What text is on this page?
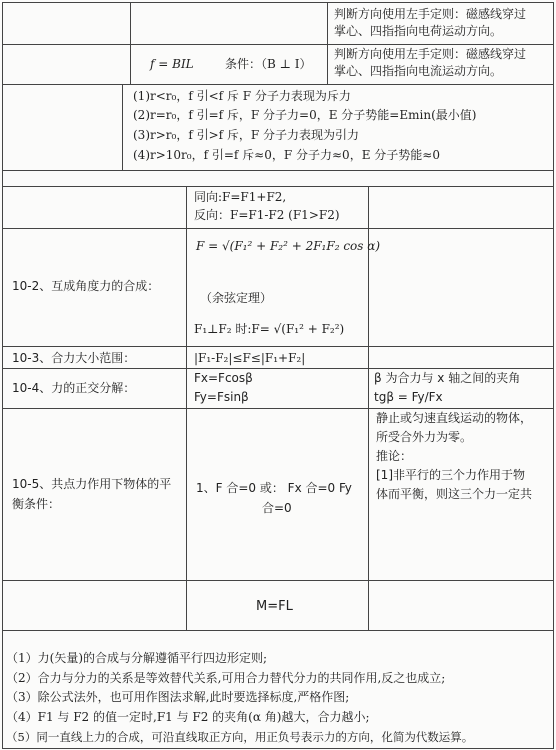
判断方向使用左手定则：磁感线穿过
掌心、四指指向电荷运动方向。
f = BIL	条件：（B ⊥ I）
判断方向使用左手定则：磁感线穿过
掌心、四指指向电流运动方向。
(1)r<r₀，f 引<f 斥 F 分子力表现为斥力
(2)r=r₀，f 引=f 斥，F 分子力=0，E 分子势能=Emin(最小值)
(3)r>r₀，f 引>f 斥，F 分子力表现为引力
(4)r>10r₀，f 引=f 斥≈0，F 分子力≈0，E 分子势能≈0
同向:F=F1+F2,
反向：F=F1-F2 (F1>F2)
10-2、互成角度力的合成：
F = √(F₁² + F₂² + 2F₁F₂ cos α)
（余弦定理）
F₁⊥F₂ 时:F= √(F₁² + F₂²)
10-3、合力大小范围：	|F₁-F₂|≤F≤|F₁+F₂|
10-4、力的正交分解：
Fx=Fcosβ
Fy=Fsinβ
β 为合力与 x 轴之间的夹角
tgβ = Fy/Fx
10-5、共点力作用下物体的平
衡条件：
1、F 合=0 或： Fx 合=0 Fy
合=0
静止或匀速直线运动的物体，
所受合外力为零。
推论：
[1]非平行的三个力作用于物
体而平衡，则这三个力一定共
M=FL
（1）力(矢量)的合成与分解遵循平行四边形定则;
（2）合力与分力的关系是等效替代关系,可用合力替代分力的共同作用,反之也成立;
（3）除公式法外，也可用作图法求解,此时要选择标度,严格作图;
（4）F1 与 F2 的值一定时,F1 与 F2 的夹角(α 角)越大，合力越小;
（5）同一直线上力的合成，可沿直线取正方向，用正负号表示力的方向，化简为代数运算。
